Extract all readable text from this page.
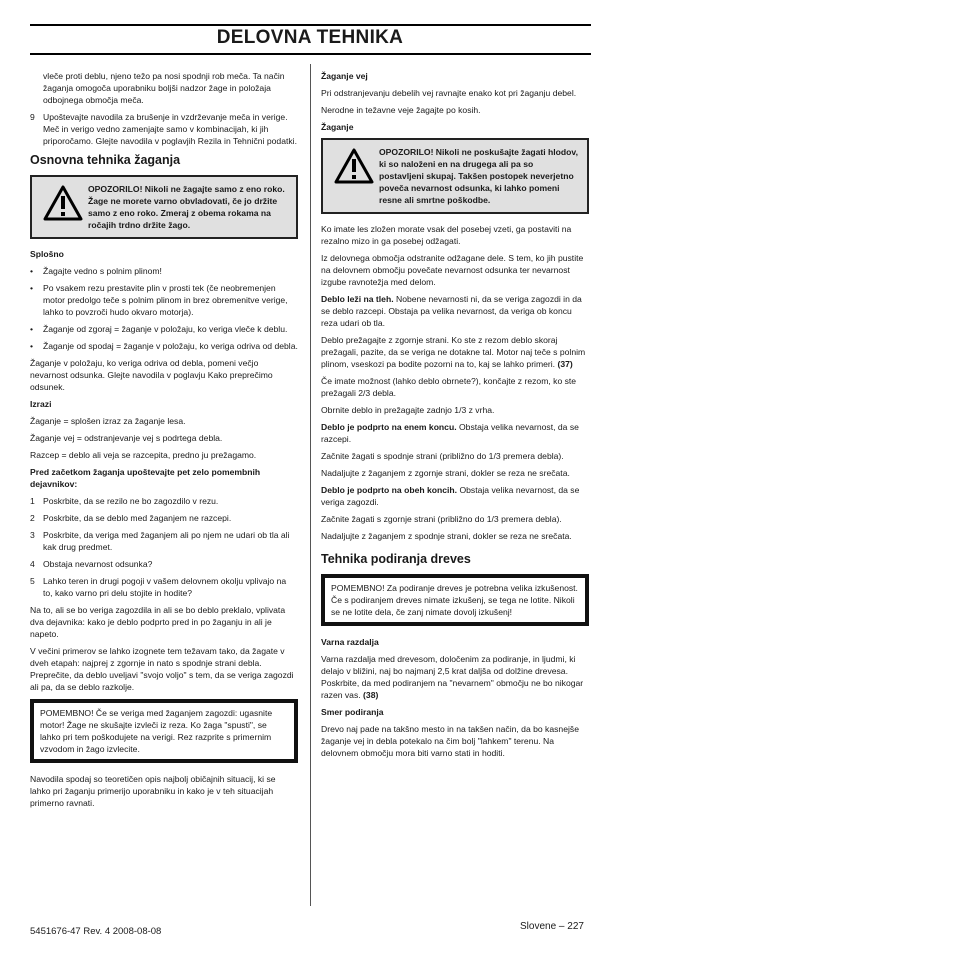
DELOVNA TEHNIKA

vleče proti deblu, njeno težo pa nosi spodnji rob meča. Ta način žaganja omogoča uporabniku boljši nadzor žage in položaja odbojnega območja meča.

9 Upoštevajte navodila za brušenje in vzdrževanje meča in verige. Meč in verigo vedno zamenjajte samo v kombinacijah, ki jih priporočamo. Glejte navodila v poglavjih Rezila in Tehnični podatki.
Osnovna tehnika žaganja
OPOZORILO! Nikoli ne žagajte samo z eno roko. Žage ne morete varno obvladovati, če jo držite samo z eno roko. Zmeraj z obema rokama na ročajih trdno držite žago.
Splošno
•	Žagajte vedno s polnim plinom!
•	Po vsakem rezu prestavite plin v prosti tek (če neobremenjen motor predolgo teče s polnim plinom in brez obremenitve verige, lahko to povzroči hudo okvaro motorja).
•	Žaganje od zgoraj = žaganje v položaju, ko veriga vleče k deblu.
•	Žaganje od spodaj = žaganje v položaju, ko veriga odriva od debla.

Žaganje v položaju, ko veriga odriva od debla, pomeni večjo nevarnost odsunka. Glejte navodila v poglavju Kako preprečimo odsunek.

Izrazi

Žaganje = splošen izraz za žaganje lesa.

Žaganje vej = odstranjevanje vej s podrtega debla.

Razcep = deblo ali veja se razcepita, predno ju prežagamo.

Pred začetkom žaganja upoštevajte pet zelo pomembnih dejavnikov:
1 Poskrbite, da se rezilo ne bo zagozdilo v rezu.
2 Poskrbite, da se deblo med žaganjem ne razcepi.
3 Poskrbite, da veriga med žaganjem ali po njem ne udari ob tla ali kak drug predmet.
4 Obstaja nevarnost odsunka?
5 Lahko teren in drugi pogoji v vašem delovnem okolju vplivajo na to, kako varno pri delu stojite in hodite?

Na to, ali se bo veriga zagozdila in ali se bo deblo preklalo, vplivata dva dejavnika: kako je deblo podprto pred in po žaganju in ali je napeto.

V večini primerov se lahko izognete tem težavam tako, da žagate v dveh etapah: najprej z zgornje in nato s spodnje strani debla. Preprečite, da deblo uveljavi "svojo voljo" s tem, da se veriga zagozdi ali pa, da se deblo razkolje.

POMEMBNO! Če se veriga med žaganjem zagozdi: ugasnite motor! Žage ne skušajte izvleči iz reza. Ko žaga "spusti", se lahko pri tem poškodujete na verigi. Rez razprite s primernim vzvodom in žago izvlecite.

Navodila spodaj so teoretičen opis najbolj običajnih situacij, ki se lahko pri žaganju primerijo uporabniku in kako je v teh situacijah primerno ravnati.

Žaganje vej

Pri odstranjevanju debelih vej ravnajte enako kot pri žaganju debel.

Nerodne in težavne veje žagajte po kosih.

Žaganje
OPOZORILO! Nikoli ne poskušajte žagati hlodov, ki so naloženi en na drugega ali pa so postavljeni skupaj. Takšen postopek neverjetno poveča nevarnost odsunka, ki lahko pomeni resne ali smrtne poškodbe.

Ko imate les zložen morate vsak del posebej vzeti, ga postaviti na rezalno mizo in ga posebej odžagati.

Iz delovnega območja odstranite odžagane dele. S tem, ko jih pustite na delovnem območju povečate nevarnost odsunka ter nevarnost izgube ravnotežja med delom.

Deblo leži na tleh. Nobene nevarnosti ni, da se veriga zagozdi in da se deblo razcepi. Obstaja pa velika nevarnost, da veriga ob koncu reza udari ob tla.

Deblo prežagajte z zgornje strani. Ko ste z rezom deblo skoraj prežagali, pazite, da se veriga ne dotakne tal. Motor naj teče s polnim plinom, vseskozi pa bodite pozorni na to, kaj se lahko primeri. (37)

Če imate možnost (lahko deblo obrnete?), končajte z rezom, ko ste prežagali 2/3 debla.

Obrnite deblo in prežagajte zadnjo 1/3 z vrha.

Deblo je podprto na enem koncu. Obstaja velika nevarnost, da se razcepi.

Začnite žagati s spodnje strani (približno do 1/3 premera debla).

Nadaljujte z žaganjem z zgornje strani, dokler se reza ne srečata.

Deblo je podprto na obeh koncih. Obstaja velika nevarnost, da se veriga zagozdi.

Začnite žagati s zgornje strani (približno do 1/3 premera debla).

Nadaljujte z žaganjem z spodnje strani, dokler se reza ne srečata.

Tehnika podiranja dreves
POMEMBNO! Za podiranje dreves je potrebna velika izkušenost. Če s podiranjem dreves nimate izkušenj, se tega ne lotite. Nikoli se ne lotite dela, če zanj nimate dovolj izkušenj!
Varna razdalja

Varna razdalja med drevesom, določenim za podiranje, in ljudmi, ki delajo v bližini, naj bo najmanj 2,5 krat daljša od dolžine drevesa. Poskrbite, da med podiranjem na "nevarnem" območju ne bo nikogar razen vas. (38)

Smer podiranja

Drevo naj pade na takšno mesto in na takšen način, da bo kasnejše žaganje vej in debla potekalo na čim bolj "lahkem" terenu. Na delovnem območju mora biti varno stati in hoditi.

5451676-47 Rev. 4 2008-08-08	Slovene – 227
